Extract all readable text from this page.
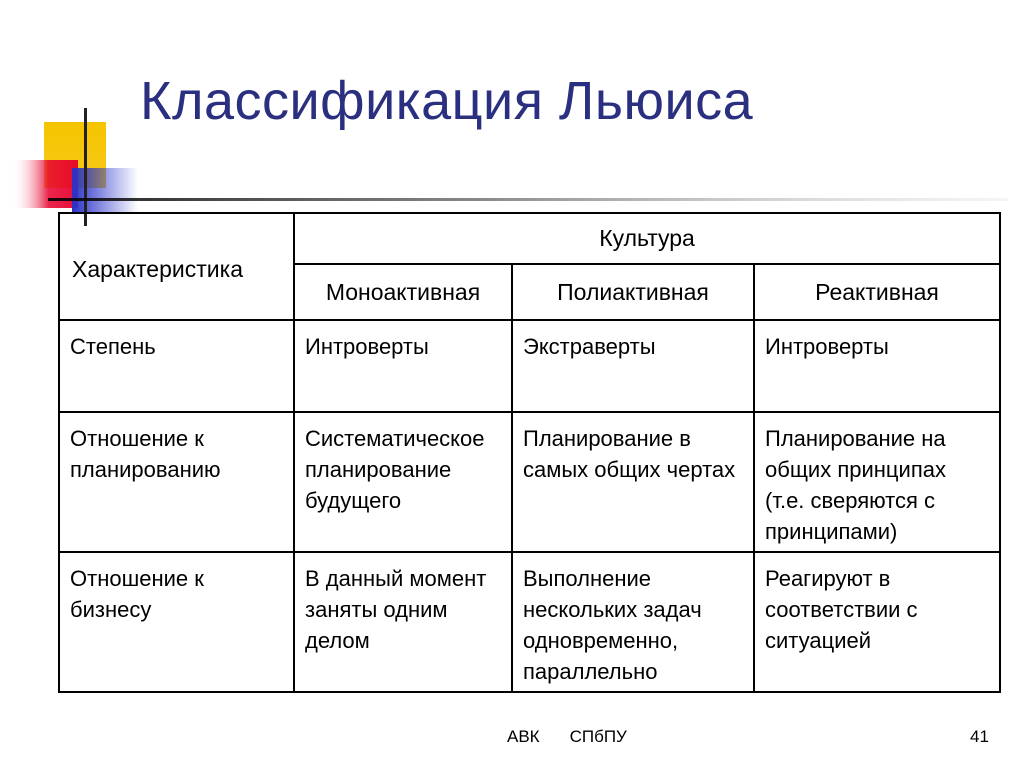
Классификация Льюиса
Характеристика	Культура		
	Моноактивная	Полиактивная	Реактивная
Степень	Интроверты	Экстраверты	Интроверты
Отношение к планированию	Систематическое планирование будущего	Планирование в самых общих чертах	Планирование на общих принципах (т.е. сверяются с принципами)
Отношение к бизнесу	В данный момент заняты одним делом	Выполнение нескольких задач одновременно, параллельно	Реагируют в соответствии с ситуацией
АВК СПбПУ	41
